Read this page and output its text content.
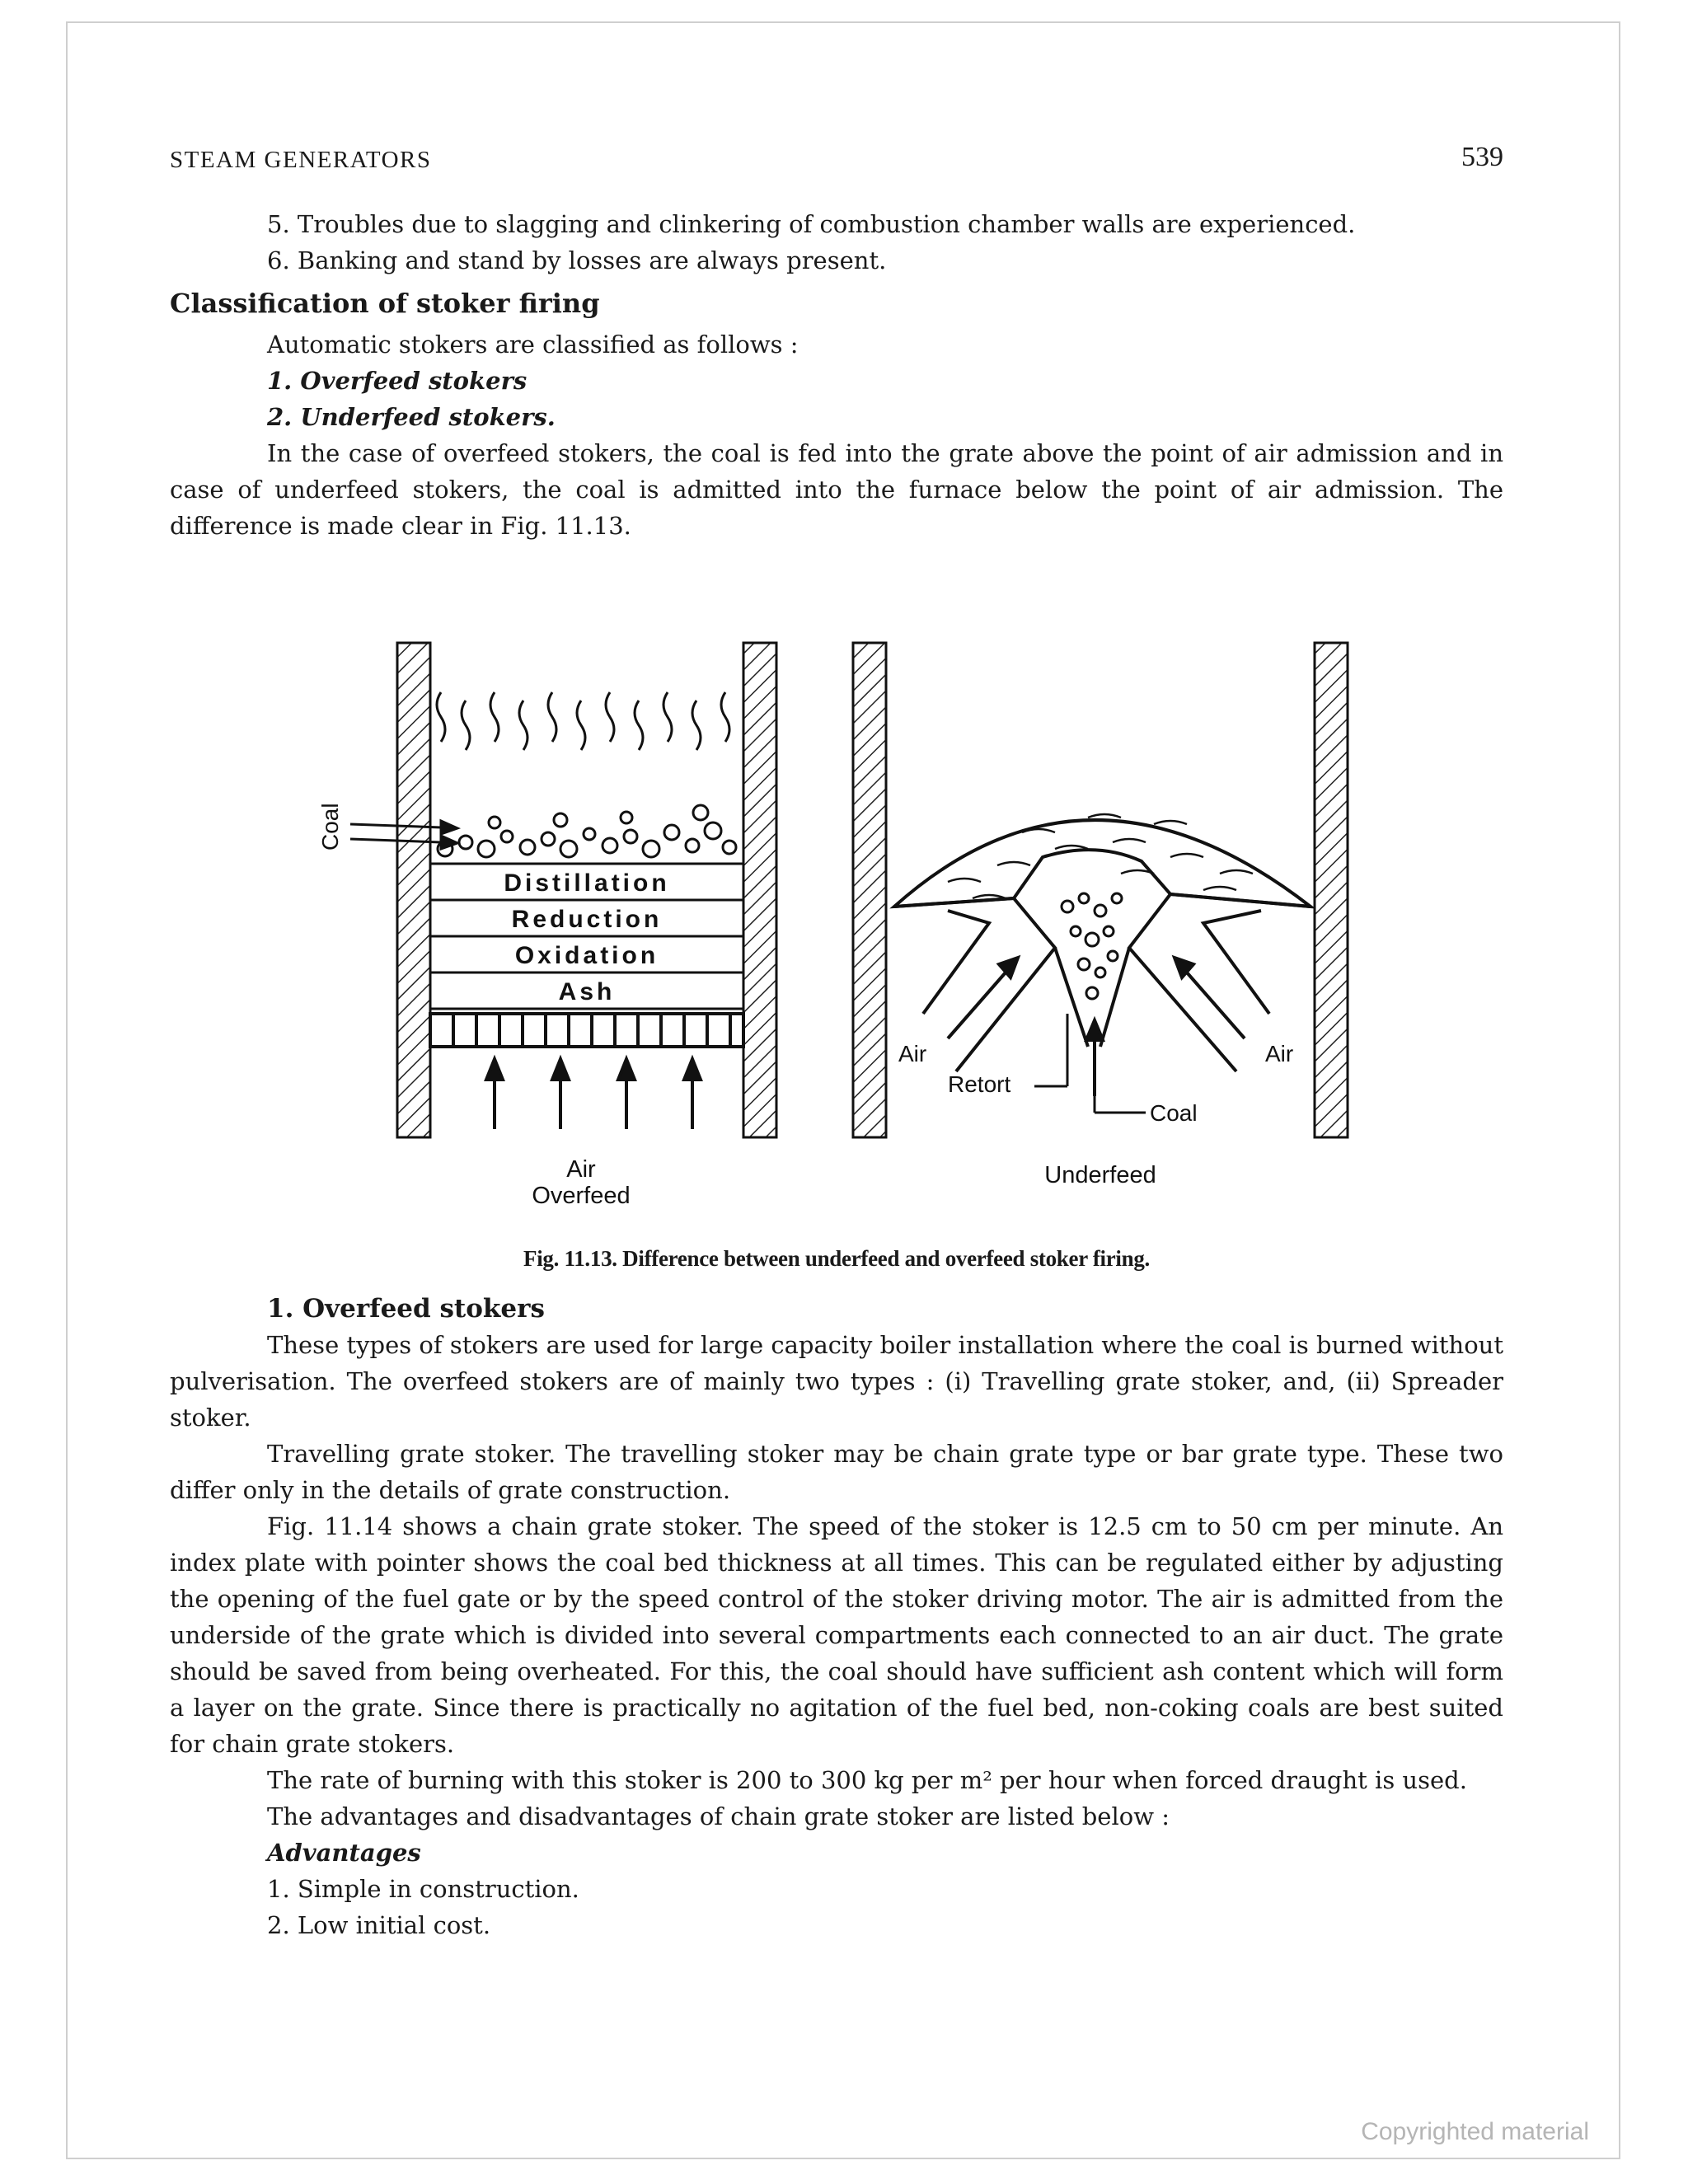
STEAM GENERATORS	539

5. Troubles due to slagging and clinkering of combustion chamber walls are experienced.

6. Banking and stand by losses are always present.

Classification of stoker firing

Automatic stokers are classified as follows :

1. Overfeed stokers

2. Underfeed stokers.

In the case of overfeed stokers, the coal is fed into the grate above the point of air admission and in case of underfeed stokers, the coal is admitted into the furnace below the point of air admission. The difference is made clear in Fig. 11.13.

Coal
Distillation
Reduction
Oxidation
Ash
Air
Overfeed
Air	Air
Retort
Coal
Underfeed
Fig. 11.13. Difference between underfeed and overfeed stoker firing.

1. Overfeed stokers

These types of stokers are used for large capacity boiler installation where the coal is burned without pulverisation. The overfeed stokers are of mainly two types : (i) Travelling grate stoker, and, (ii) Spreader stoker.

Travelling grate stoker. The travelling stoker may be chain grate type or bar grate type. These two differ only in the details of grate construction.

Fig. 11.14 shows a chain grate stoker. The speed of the stoker is 12.5 cm to 50 cm per minute. An index plate with pointer shows the coal bed thickness at all times. This can be regulated either by adjusting the opening of the fuel gate or by the speed control of the stoker driving motor. The air is admitted from the underside of the grate which is divided into several compartments each connected to an air duct. The grate should be saved from being overheated. For this, the coal should have sufficient ash content which will form a layer on the grate. Since there is practically no agitation of the fuel bed, non-coking coals are best suited for chain grate stokers.

The rate of burning with this stoker is 200 to 300 kg per m² per hour when forced draught is used.

The advantages and disadvantages of chain grate stoker are listed below :

Advantages

1. Simple in construction.

2. Low initial cost.

Copyrighted material
